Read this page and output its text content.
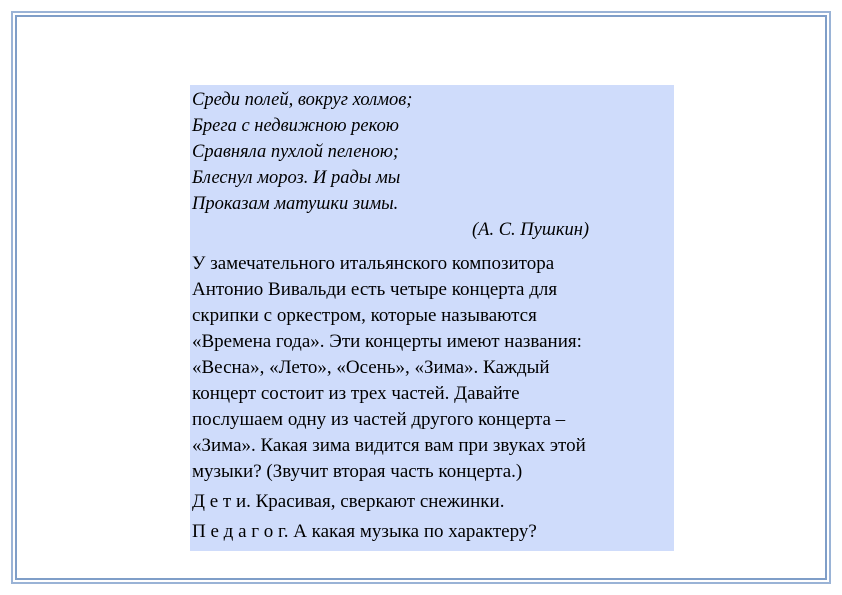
Среди полей, вокруг холмов;
Брега с недвижною рекою
Сравняла пухлой пеленою;
Блеснул мороз. И рады мы
Проказам матушки зимы.
(А. С. Пушкин)
У замечательного итальянского композитора
Антонио Вивальди есть четыре концерта для
скрипки с оркестром, которые называются
«Времена года». Эти концерты имеют названия:
«Весна», «Лето», «Осень», «Зима». Каждый
концерт состоит из трех частей. Давайте
послушаем одну из частей другого концерта –
«Зима». Какая зима видится вам при звуках этой
музыки? (Звучит вторая часть концерта.)
Д е т и. Красивая, сверкают снежинки.
П е д а г о г. А какая музыка по характеру?
